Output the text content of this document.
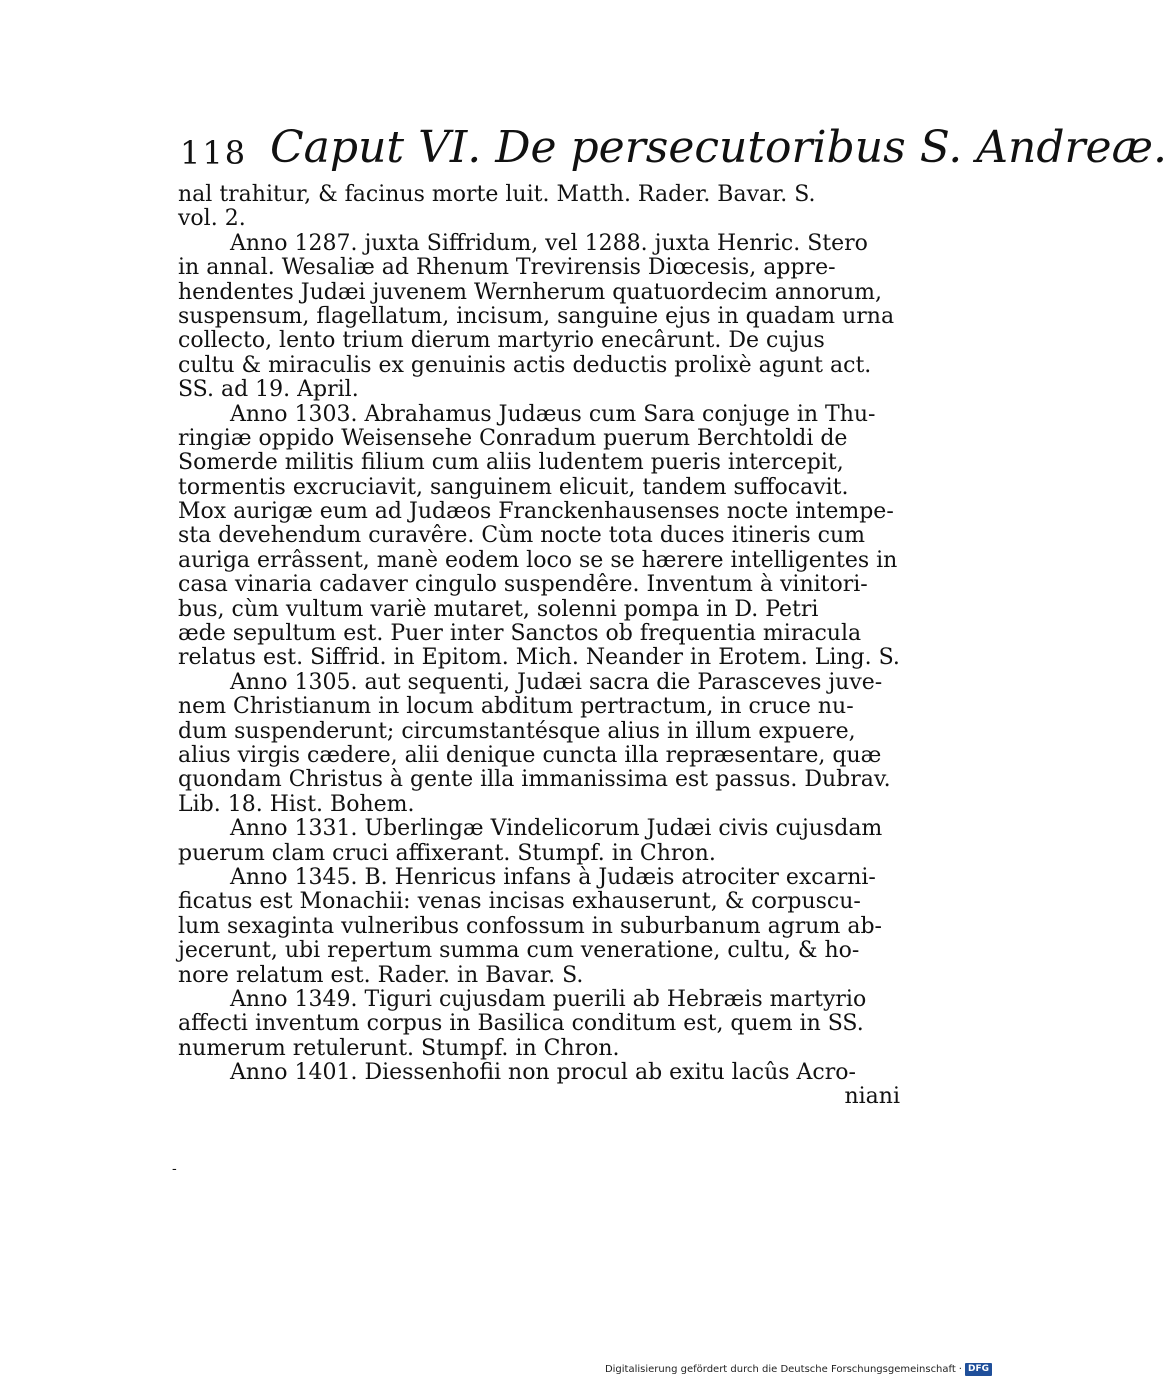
118 Caput VI. De persecutoribus S. Andreæ.
nal trahitur, & facinus morte luit. Matth. Rader. Bavar. S.
vol. 2.
Anno 1287. juxta Siffridum, vel 1288. juxta Henric. Stero
in annal. Wesaliæ ad Rhenum Trevirensis Diœcesis, appre-
hendentes Judæi juvenem Wernherum quatuordecim annorum,
suspensum, flagellatum, incisum, sanguine ejus in quadam urna
collecto, lento trium dierum martyrio enecârunt. De cujus
cultu & miraculis ex genuinis actis deductis prolixè agunt act.
SS. ad 19. April.
Anno 1303. Abrahamus Judæus cum Sara conjuge in Thu-
ringiæ oppido Weisensehe Conradum puerum Berchtoldi de
Somerde militis filium cum aliis ludentem pueris intercepit,
tormentis excruciavit, sanguinem elicuit, tandem suffocavit.
Mox aurigæ eum ad Judæos Franckenhausenses nocte intempe-
sta devehendum curavêre. Cùm nocte tota duces itineris cum
auriga errâssent, manè eodem loco se se hærere intelligentes in
casa vinaria cadaver cingulo suspendêre. Inventum à vinitori-
bus, cùm vultum variè mutaret, solenni pompa in D. Petri
æde sepultum est. Puer inter Sanctos ob frequentia miracula
relatus est. Siffrid. in Epitom. Mich. Neander in Erotem. Ling. S.
Anno 1305. aut sequenti, Judæi sacra die Parasceves juve-
nem Christianum in locum abditum pertractum, in cruce nu-
dum suspenderunt; circumstantésque alius in illum expuere,
alius virgis cædere, alii denique cuncta illa repræsentare, quæ
quondam Christus à gente illa immanissima est passus. Dubrav.
Lib. 18. Hist. Bohem.
Anno 1331. Uberlingæ Vindelicorum Judæi civis cujusdam
puerum clam cruci affixerant. Stumpf. in Chron.
Anno 1345. B. Henricus infans à Judæis atrociter excarni-
ficatus est Monachii: venas incisas exhauserunt, & corpuscu-
lum sexaginta vulneribus confossum in suburbanum agrum ab-
jecerunt, ubi repertum summa cum veneratione, cultu, & ho-
nore relatum est. Rader. in Bavar. S.
Anno 1349. Tiguri cujusdam puerili ab Hebræis martyrio
affecti inventum corpus in Basilica conditum est, quem in SS.
numerum retulerunt. Stumpf. in Chron.
Anno 1401. Diessenhofii non procul ab exitu lacûs Acro-
niani
-
Digitalisierung gefördert durch die Deutsche Forschungsgemeinschaft · DFG
